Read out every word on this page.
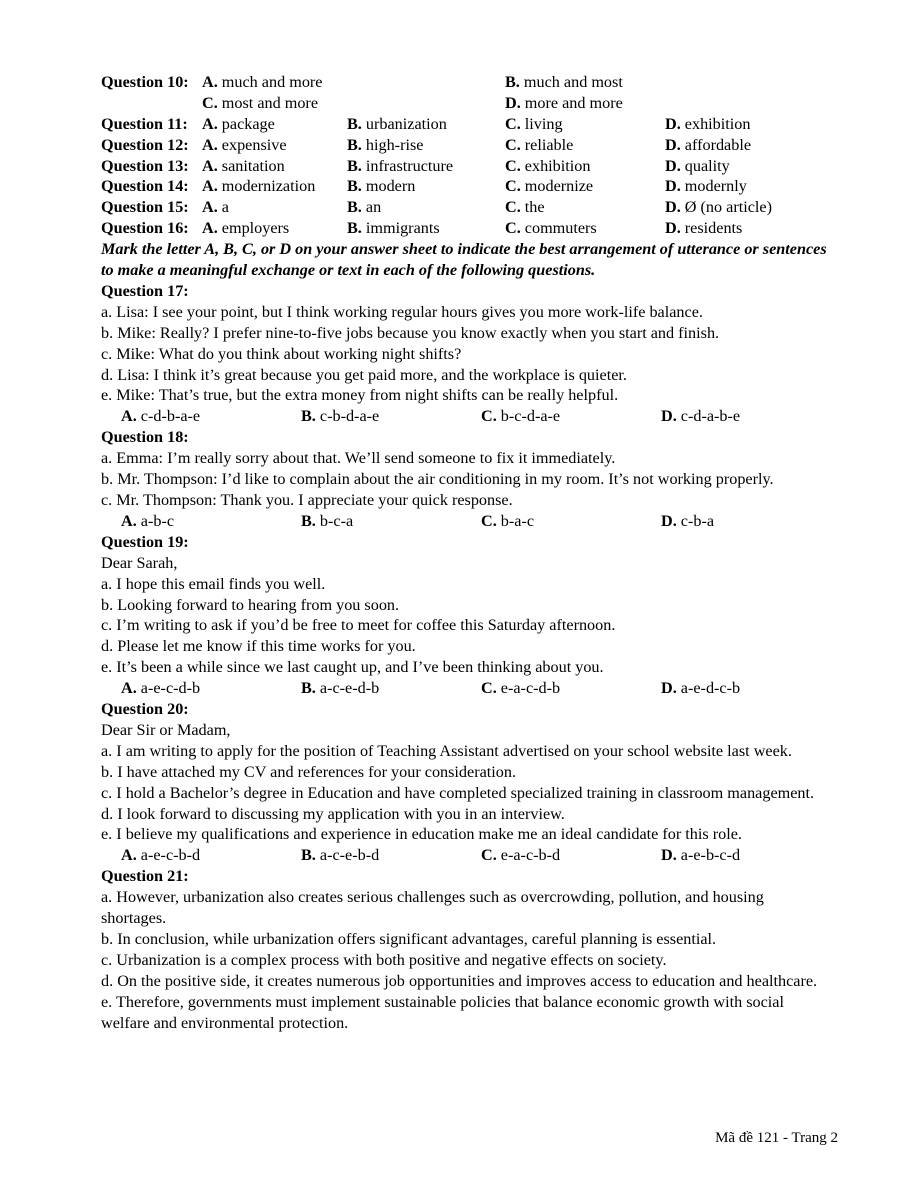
Question 10: A. much and more	B. much and most
C. most and more	D. more and more
Question 11: A. package	B. urbanization	C. living	D. exhibition
Question 12: A. expensive	B. high-rise	C. reliable	D. affordable
Question 13: A. sanitation	B. infrastructure	C. exhibition	D. quality
Question 14: A. modernization B. modern	C. modernize	D. modernly
Question 15: A. a	B. an	C. the	D. Ø (no article)
Question 16: A. employers	B. immigrants	C. commuters	D. residents
Mark the letter A, B, C, or D on your answer sheet to indicate the best arrangement of utterance or sentences to make a meaningful exchange or text in each of the following questions.
Question 17:
a. Lisa: I see your point, but I think working regular hours gives you more work-life balance.
b. Mike: Really? I prefer nine-to-five jobs because you know exactly when you start and finish.
c. Mike: What do you think about working night shifts?
d. Lisa: I think it’s great because you get paid more, and the workplace is quieter.
e. Mike: That’s true, but the extra money from night shifts can be really helpful.
A. c-d-b-a-e	B. c-b-d-a-e	C. b-c-d-a-e	D. c-d-a-b-e
Question 18:
a. Emma: I’m really sorry about that. We’ll send someone to fix it immediately.
b. Mr. Thompson: I’d like to complain about the air conditioning in my room. It’s not working properly.
c. Mr. Thompson: Thank you. I appreciate your quick response.
A. a-b-c	B. b-c-a	C. b-a-c	D. c-b-a
Question 19:
Dear Sarah,
a. I hope this email finds you well.
b. Looking forward to hearing from you soon.
c. I’m writing to ask if you’d be free to meet for coffee this Saturday afternoon.
d. Please let me know if this time works for you.
e. It’s been a while since we last caught up, and I’ve been thinking about you.
A. a-e-c-d-b	B. a-c-e-d-b	C. e-a-c-d-b	D. a-e-d-c-b
Question 20:
Dear Sir or Madam,
a. I am writing to apply for the position of Teaching Assistant advertised on your school website last week.
b. I have attached my CV and references for your consideration.
c. I hold a Bachelor’s degree in Education and have completed specialized training in classroom management.
d. I look forward to discussing my application with you in an interview.
e. I believe my qualifications and experience in education make me an ideal candidate for this role.
A. a-e-c-b-d	B. a-c-e-b-d	C. e-a-c-b-d	D. a-e-b-c-d
Question 21:
a. However, urbanization also creates serious challenges such as overcrowding, pollution, and housing shortages.
b. In conclusion, while urbanization offers significant advantages, careful planning is essential.
c. Urbanization is a complex process with both positive and negative effects on society.
d. On the positive side, it creates numerous job opportunities and improves access to education and healthcare.
e. Therefore, governments must implement sustainable policies that balance economic growth with social welfare and environmental protection.
Mã đề 121 - Trang 2
